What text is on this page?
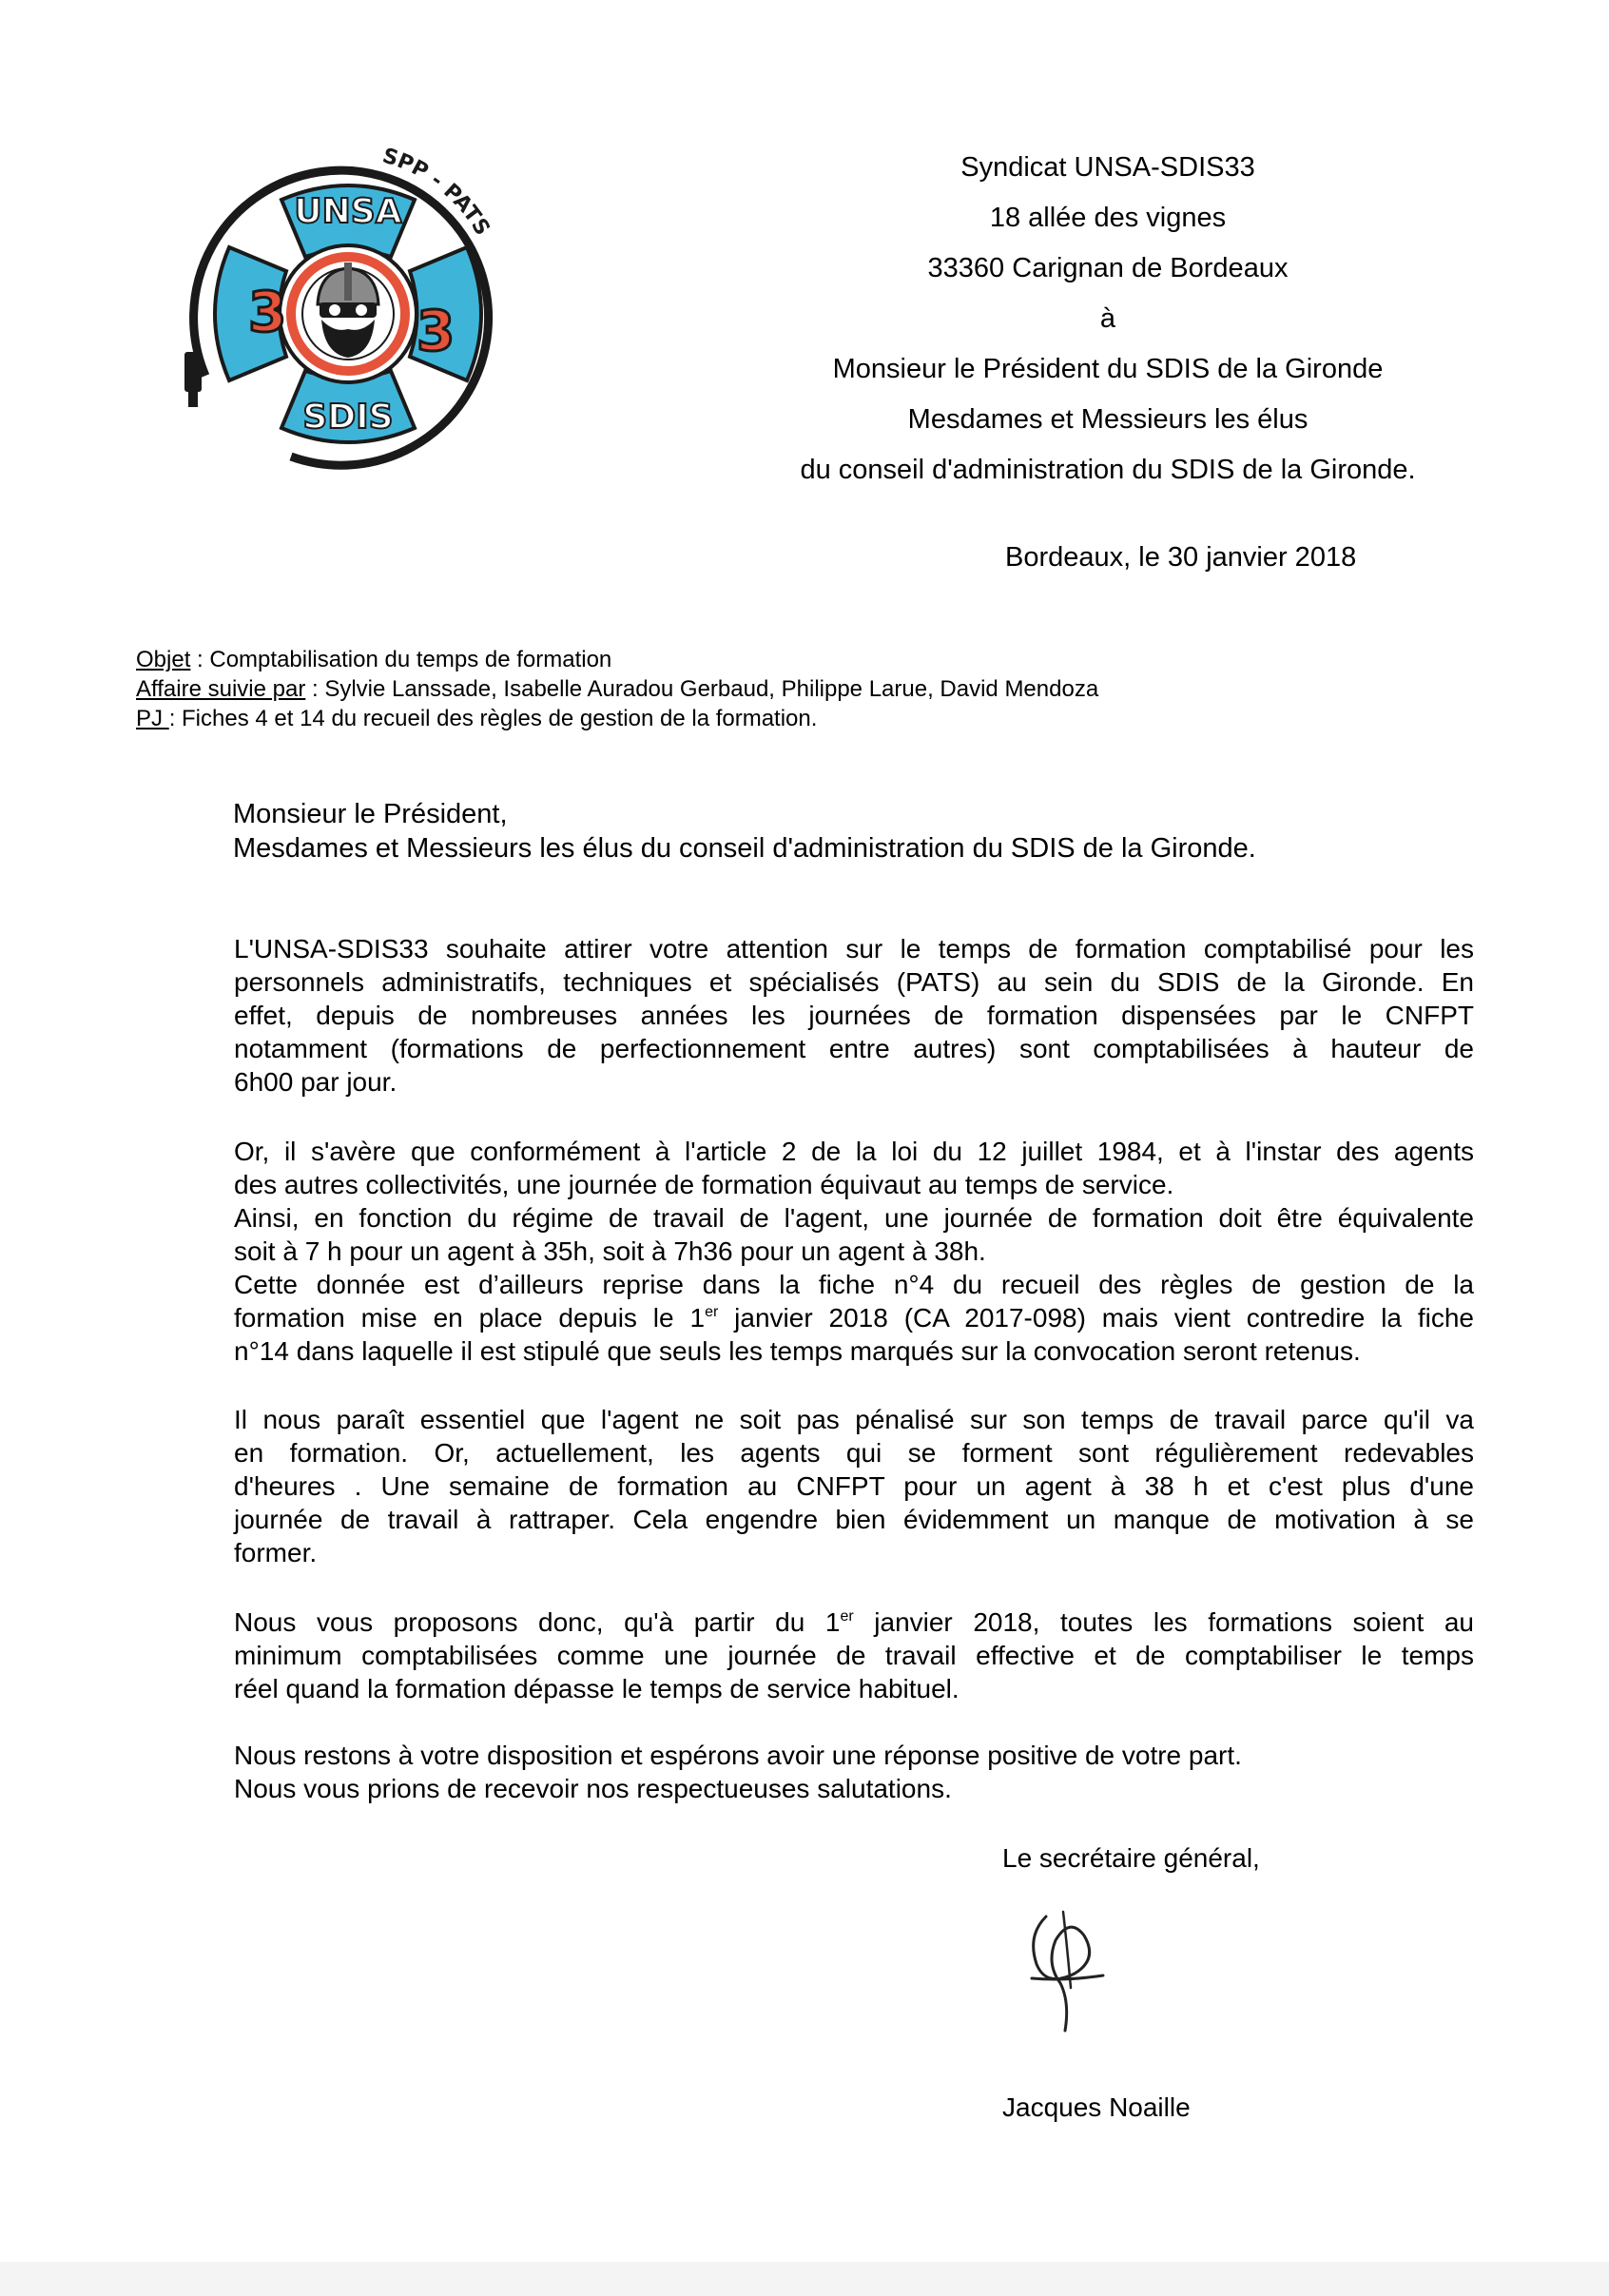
3 3
UNSA
SDIS
SPP - PATS
Syndicat UNSA-SDIS33
18 allée des vignes
33360 Carignan de Bordeaux
à
Monsieur le Président du SDIS de la Gironde
Mesdames et Messieurs les élus
du conseil d'administration du SDIS de la Gironde.
Bordeaux, le 30 janvier 2018
Objet : Comptabilisation du temps de formation
Affaire suivie par : Sylvie Lanssade, Isabelle Auradou Gerbaud, Philippe Larue, David Mendoza
PJ : Fiches 4 et 14 du recueil des règles de gestion de la formation.
Monsieur le Président,
Mesdames et Messieurs les élus du conseil d'administration du SDIS de la Gironde.
L'UNSA-SDIS33 souhaite attirer votre attention sur le temps de formation comptabilisé pour les
personnels administratifs, techniques et spécialisés (PATS) au sein du SDIS de la Gironde. En
effet, depuis de nombreuses années les journées de formation dispensées par le CNFPT
notamment (formations de perfectionnement entre autres) sont comptabilisées à hauteur de
6h00 par jour.
Or, il s'avère que conformément à l'article 2 de la loi du 12 juillet 1984, et à l'instar des agents
des autres collectivités, une journée de formation équivaut au temps de service.
Ainsi, en fonction du régime de travail de l'agent, une journée de formation doit être équivalente
soit à 7 h pour un agent à 35h, soit à 7h36 pour un agent à 38h.
Cette donnée est d’ailleurs reprise dans la fiche n°4 du recueil des règles de gestion de la
formation mise en place depuis le 1er janvier 2018 (CA 2017-098) mais vient contredire la fiche
n°14 dans laquelle il est stipulé que seuls les temps marqués sur la convocation seront retenus.
Il nous paraît essentiel que l'agent ne soit pas pénalisé sur son temps de travail parce qu'il va
en formation. Or, actuellement, les agents qui se forment sont régulièrement redevables
d'heures . Une semaine de formation au CNFPT pour un agent à 38 h et c'est plus d'une
journée de travail à rattraper. Cela engendre bien évidemment un manque de motivation à se
former.
Nous vous proposons donc, qu'à partir du 1er janvier 2018, toutes les formations soient au
minimum comptabilisées comme une journée de travail effective et de comptabiliser le temps
réel quand la formation dépasse le temps de service habituel.
Nous restons à votre disposition et espérons avoir une réponse positive de votre part.
Nous vous prions de recevoir nos respectueuses salutations.
Le secrétaire général,
Jacques Noaille
